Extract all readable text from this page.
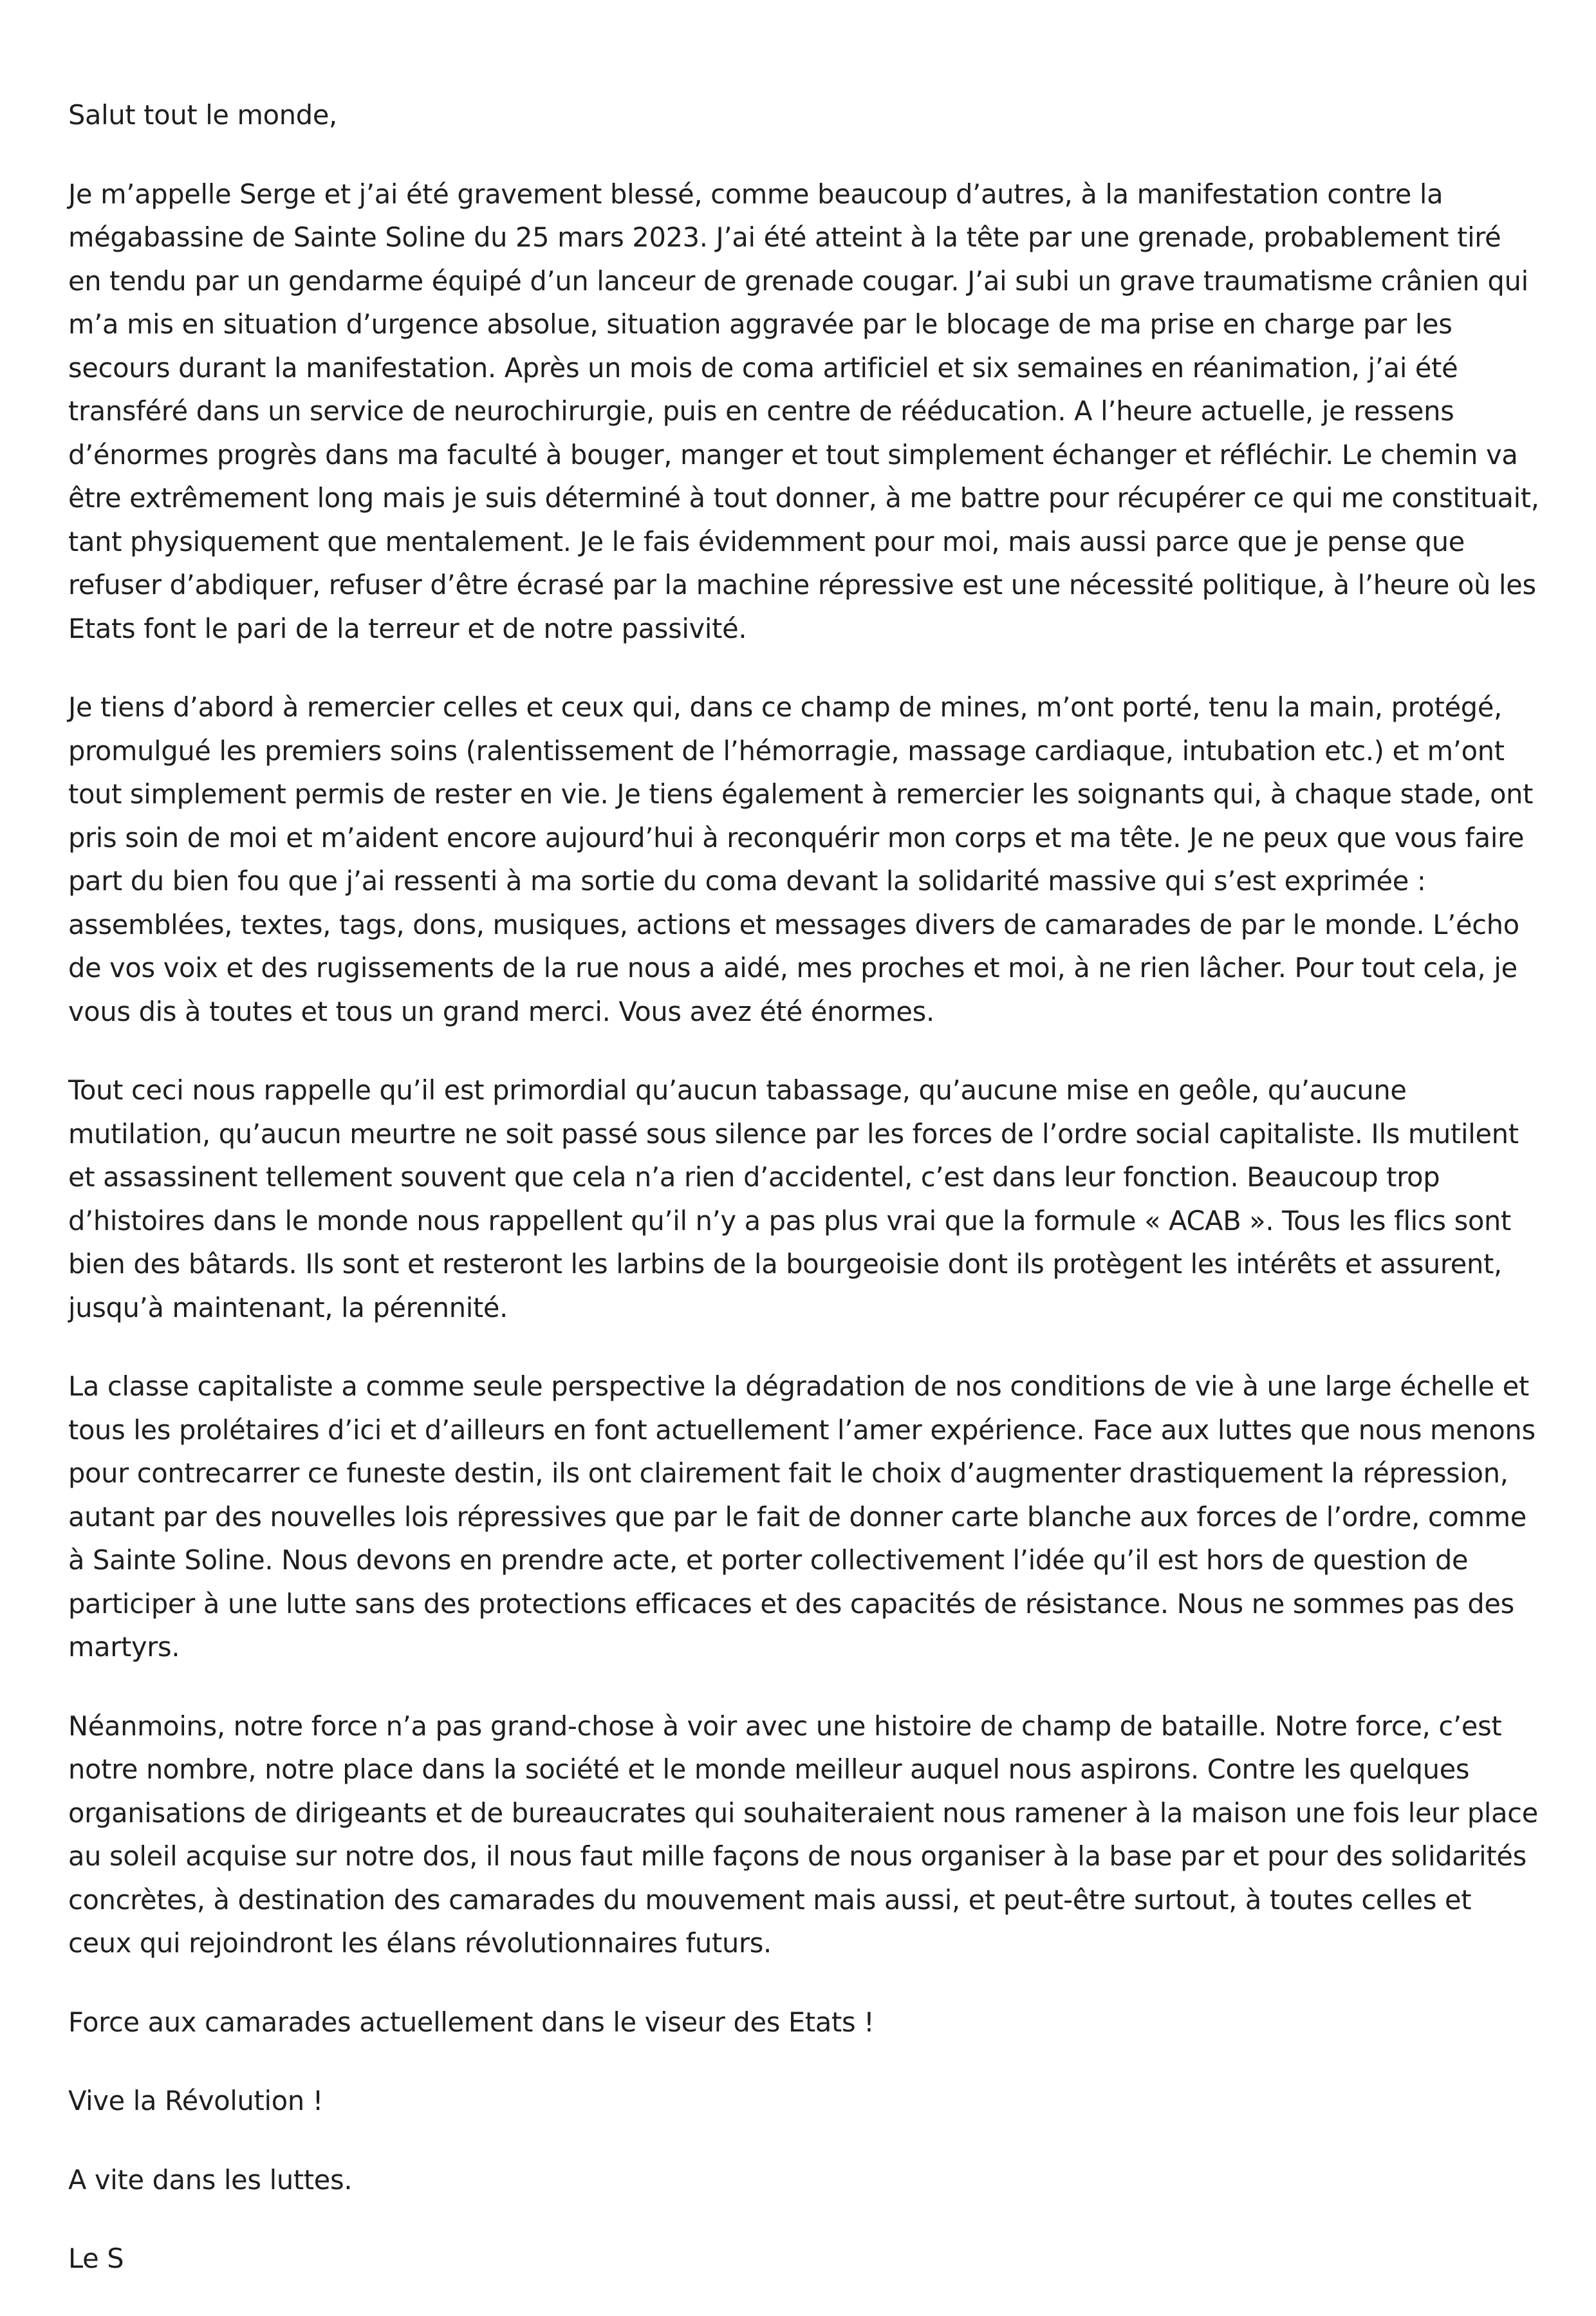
Salut tout le monde,

Je m’appelle Serge et j’ai été gravement blessé, comme beaucoup d’autres, à la manifestation contre la mégabassine de Sainte Soline du 25 mars 2023. J’ai été atteint à la tête par une grenade, probablement tiré en tendu par un gendarme équipé d’un lanceur de grenade cougar. J’ai subi un grave traumatisme crânien qui m’a mis en situation d’urgence absolue, situation aggravée par le blocage de ma prise en charge par les secours durant la manifestation. Après un mois de coma artificiel et six semaines en réanimation, j’ai été transféré dans un service de neurochirurgie, puis en centre de rééducation. A l’heure actuelle, je ressens d’énormes progrès dans ma faculté à bouger, manger et tout simplement échanger et réfléchir. Le chemin va être extrêmement long mais je suis déterminé à tout donner, à me battre pour récupérer ce qui me constituait, tant physiquement que mentalement. Je le fais évidemment pour moi, mais aussi parce que je pense que refuser d’abdiquer, refuser d’être écrasé par la machine répressive est une nécessité politique, à l’heure où les Etats font le pari de la terreur et de notre passivité.

Je tiens d’abord à remercier celles et ceux qui, dans ce champ de mines, m’ont porté, tenu la main, protégé, promulgué les premiers soins (ralentissement de l’hémorragie, massage cardiaque, intubation etc.) et m’ont tout simplement permis de rester en vie. Je tiens également à remercier les soignants qui, à chaque stade, ont pris soin de moi et m’aident encore aujourd’hui à reconquérir mon corps et ma tête. Je ne peux que vous faire part du bien fou que j’ai ressenti à ma sortie du coma devant la solidarité massive qui s’est exprimée : assemblées, textes, tags, dons, musiques, actions et messages divers de camarades de par le monde. L’écho de vos voix et des rugissements de la rue nous a aidé, mes proches et moi, à ne rien lâcher. Pour tout cela, je vous dis à toutes et tous un grand merci. Vous avez été énormes.

Tout ceci nous rappelle qu’il est primordial qu’aucun tabassage, qu’aucune mise en geôle, qu’aucune mutilation, qu’aucun meurtre ne soit passé sous silence par les forces de l’ordre social capitaliste. Ils mutilent et assassinent tellement souvent que cela n’a rien d’accidentel, c’est dans leur fonction. Beaucoup trop d’histoires dans le monde nous rappellent qu’il n’y a pas plus vrai que la formule « ACAB ». Tous les flics sont bien des bâtards. Ils sont et resteront les larbins de la bourgeoisie dont ils protègent les intérêts et assurent, jusqu’à maintenant, la pérennité.

La classe capitaliste a comme seule perspective la dégradation de nos conditions de vie à une large échelle et tous les prolétaires d’ici et d’ailleurs en font actuellement l’amer expérience. Face aux luttes que nous menons pour contrecarrer ce funeste destin, ils ont clairement fait le choix d’augmenter drastiquement la répression, autant par des nouvelles lois répressives que par le fait de donner carte blanche aux forces de l’ordre, comme à Sainte Soline. Nous devons en prendre acte, et porter collectivement l’idée qu’il est hors de question de participer à une lutte sans des protections efficaces et des capacités de résistance. Nous ne sommes pas des martyrs.

Néanmoins, notre force n’a pas grand-chose à voir avec une histoire de champ de bataille. Notre force, c’est notre nombre, notre place dans la société et le monde meilleur auquel nous aspirons. Contre les quelques organisations de dirigeants et de bureaucrates qui souhaiteraient nous ramener à la maison une fois leur place au soleil acquise sur notre dos, il nous faut mille façons de nous organiser à la base par et pour des solidarités concrètes, à destination des camarades du mouvement mais aussi, et peut-être surtout, à toutes celles et ceux qui rejoindront les élans révolutionnaires futurs.

Force aux camarades actuellement dans le viseur des Etats !

Vive la Révolution !

A vite dans les luttes.

Le S
